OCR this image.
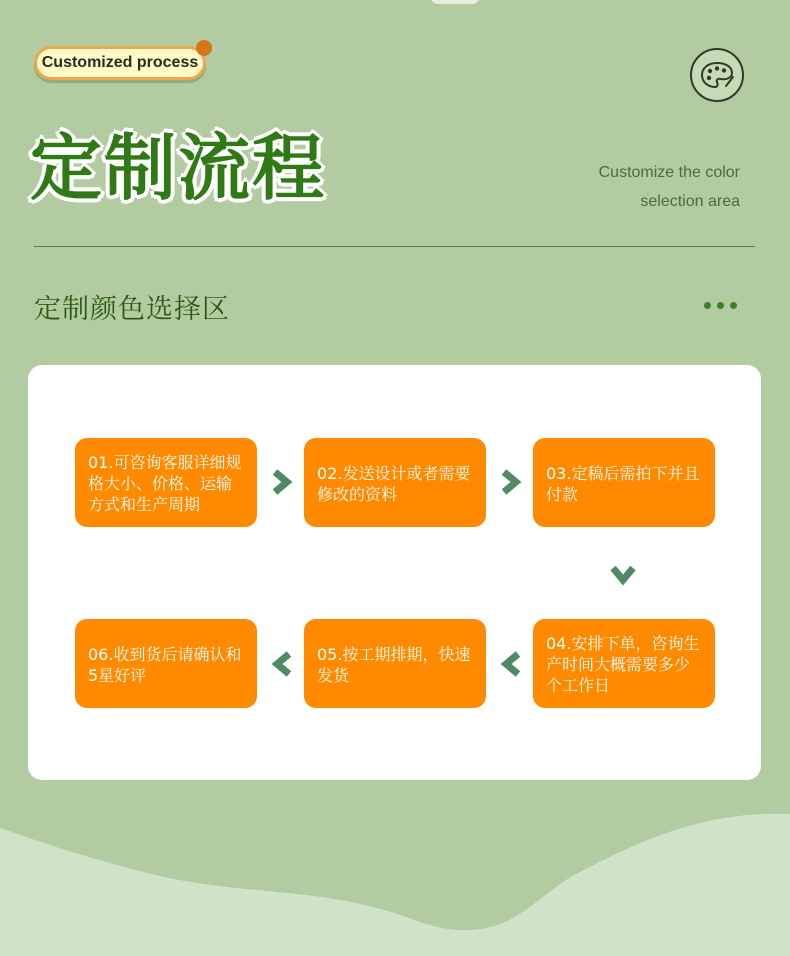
Customized process
定制流程	Customize the color
selection area
定制颜色选择区
01.可咨询客服详细规格大小、价格、运输方式和生产周期
02.发送设计或者需要修改的资料
03.定稿后需拍下并且付款
04.安排下单，咨询生产时间大概需要多少个工作日
05.按工期排期，快速发货
06.收到货后请确认和5星好评
